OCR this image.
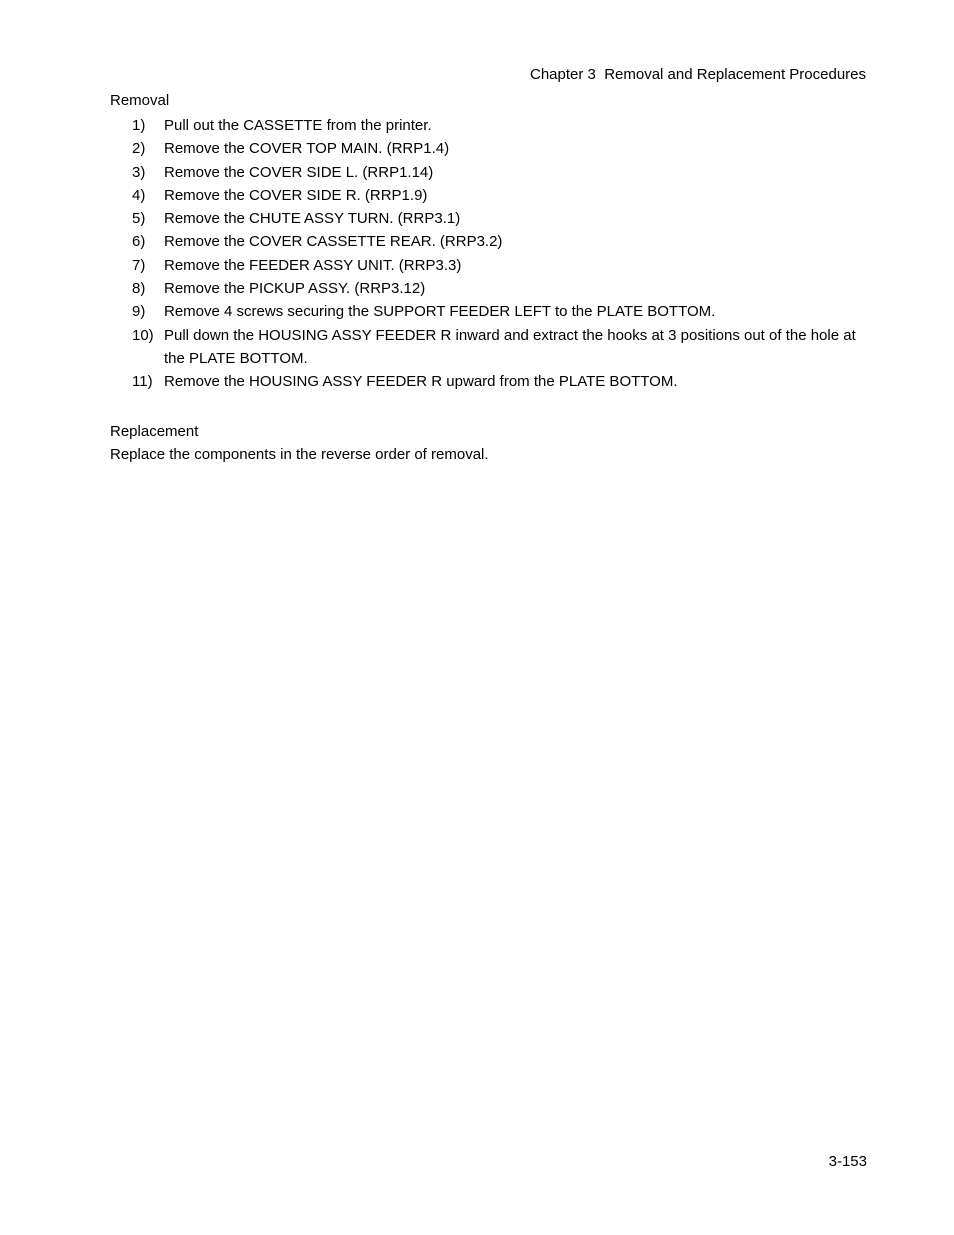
Chapter 3  Removal and Replacement Procedures
Removal
1) Pull out the CASSETTE from the printer.
2) Remove the COVER TOP MAIN. (RRP1.4)
3) Remove the COVER SIDE L. (RRP1.14)
4) Remove the COVER SIDE R. (RRP1.9)
5) Remove the CHUTE ASSY TURN. (RRP3.1)
6) Remove the COVER CASSETTE REAR. (RRP3.2)
7) Remove the FEEDER ASSY UNIT. (RRP3.3)
8) Remove the PICKUP ASSY. (RRP3.12)
9) Remove 4 screws securing the SUPPORT FEEDER LEFT to the PLATE BOTTOM.
10) Pull down the HOUSING ASSY FEEDER R inward and extract the hooks at 3 positions out of the hole at the PLATE BOTTOM.
11) Remove the HOUSING ASSY FEEDER R upward from the PLATE BOTTOM.
Replacement
Replace the components in the reverse order of removal.
3-153
